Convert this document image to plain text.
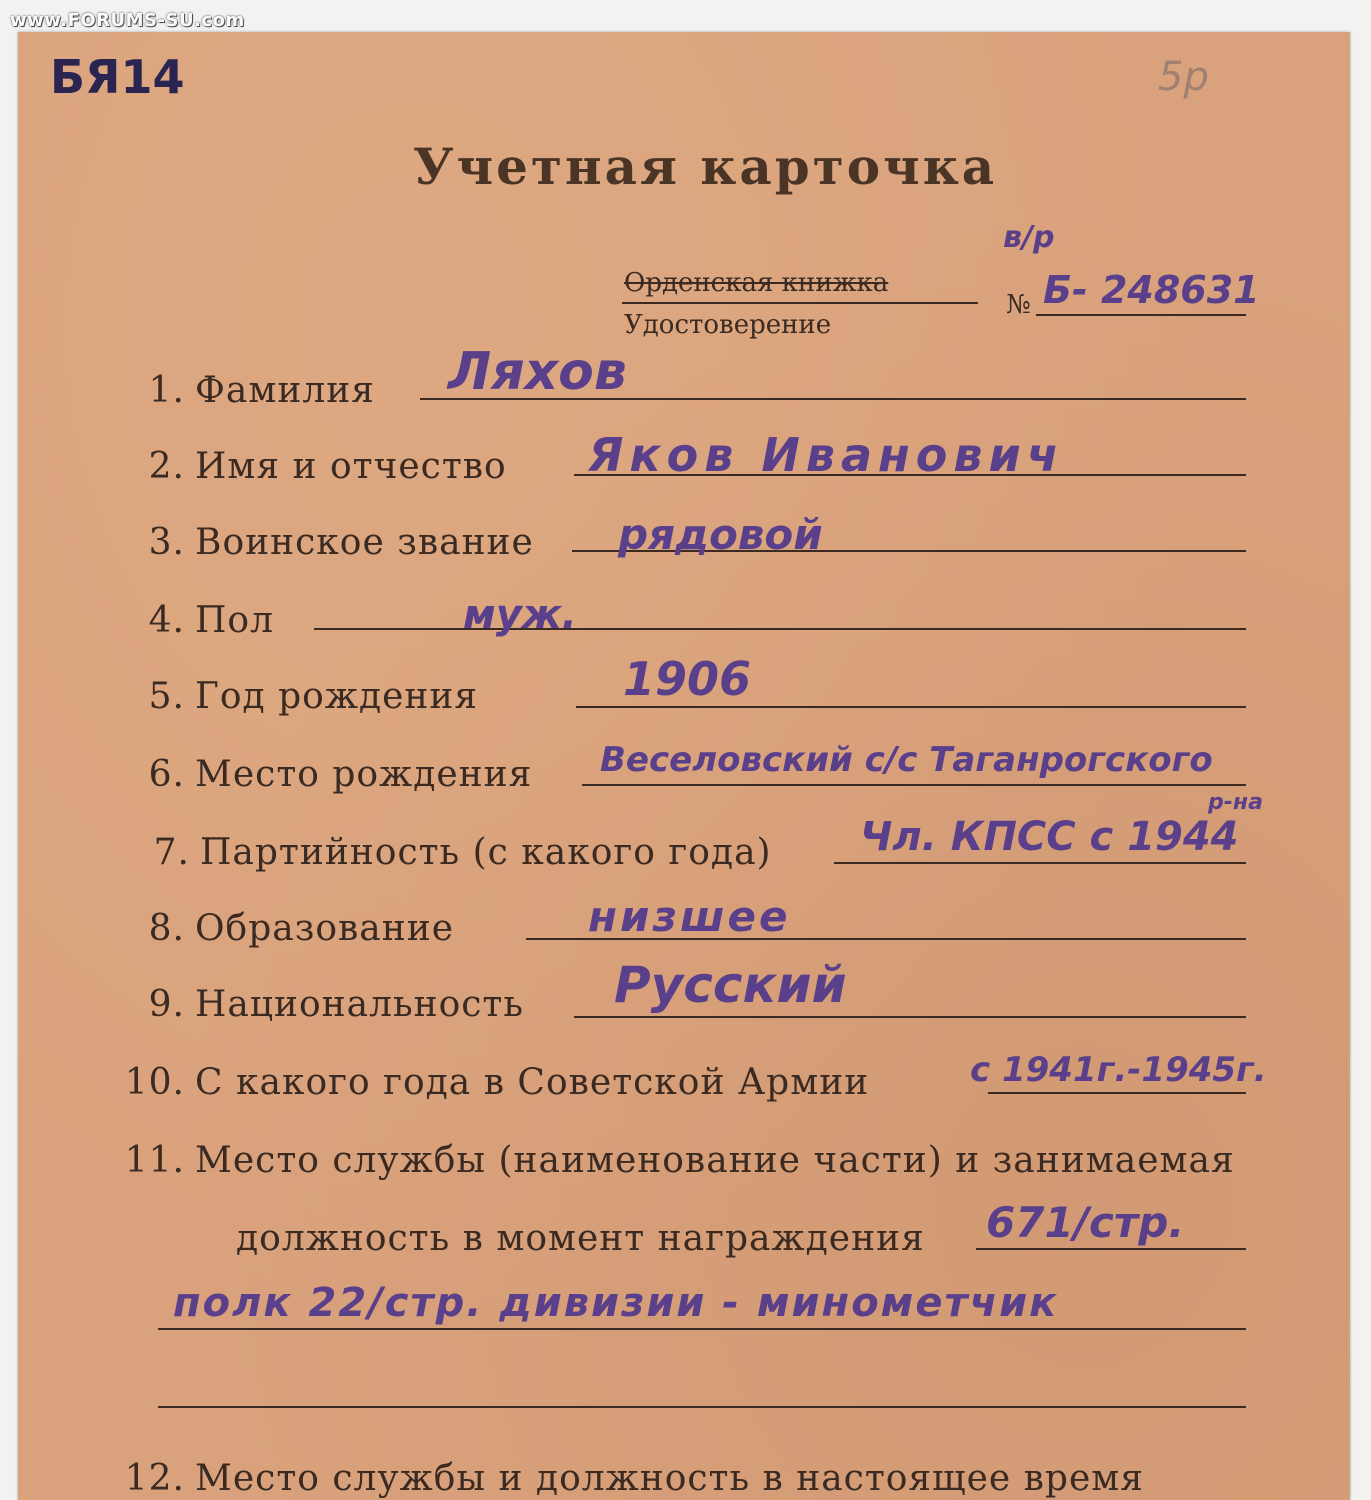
www.FORUMS-SU.com
БЯ14	5р
Учетная карточка
Орденская книжка
Удостоверение
№
в/р
Б- 248631
1. Фамилия Ляхов
2. Имя и отчество Яков Иванович
3. Воинское звание рядовой
4. Пол	муж.
5. Год рождения	1906
6. Место рождения Веселовский с/с Таганрогского
р-на
7. Партийность (с какого года) Чл. КПСС с 1944
8. Образование	низшее
9. Национальность Русский
10. С какого года в Советской Армии	с 1941г.-1945г.
11. Место службы (наименование части) и занимаемая
должность в момент награждения 671/стр.
полк 22/стр. дивизии - минометчик
12. Место службы и должность в настоящее время
